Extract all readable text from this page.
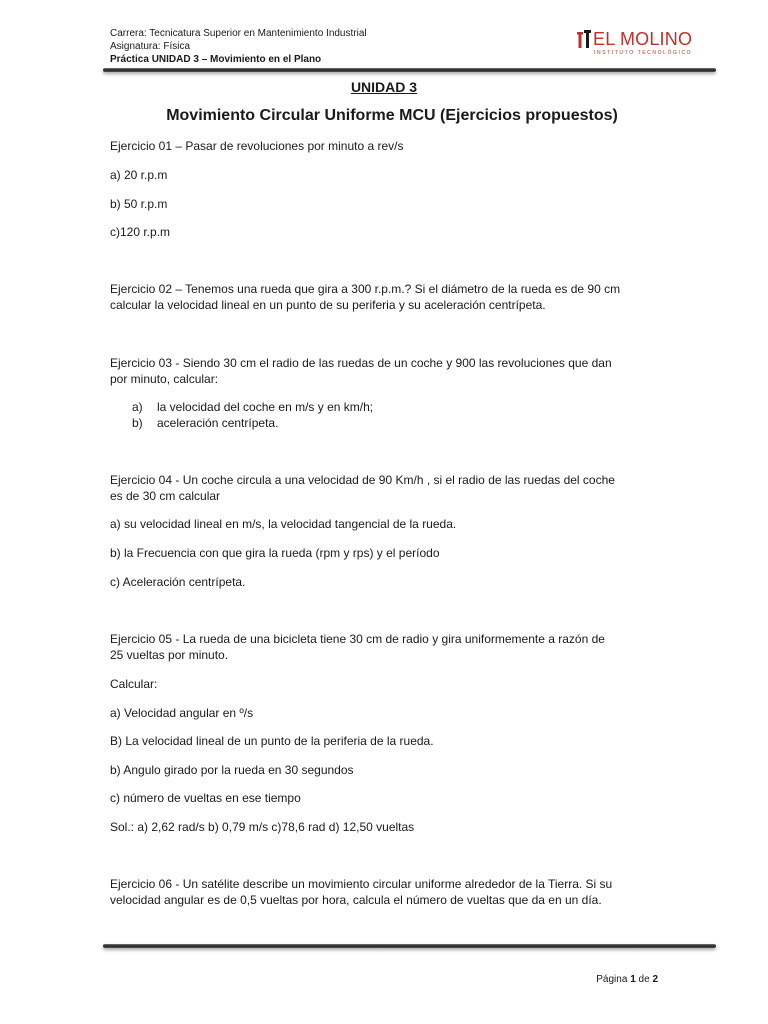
Carrera: Tecnicatura Superior en Mantenimiento Industrial
Asignatura: Física
Práctica UNIDAD 3 – Movimiento en el Plano
EL MOLINO
INSTITUTO TECNOLÓGICO
UNIDAD 3
Movimiento Circular Uniforme MCU (Ejercicios propuestos)
Ejercicio 01 – Pasar de revoluciones por minuto a rev/s
a) 20 r.p.m
b) 50 r.p.m
c)120 r.p.m
Ejercicio 02 – Tenemos una rueda que gira a 300 r.p.m.? Si el diámetro de la rueda es de 90 cm
calcular la velocidad lineal en un punto de su periferia y su aceleración centrípeta.
Ejercicio 03 - Siendo 30 cm el radio de las ruedas de un coche y 900 las revoluciones que dan
por minuto, calcular:
a) la velocidad del coche en m/s y en km/h;
b) aceleración centrípeta.
Ejercicio 04 - Un coche circula a una velocidad de 90 Km/h , si el radio de las ruedas del coche
es de 30 cm calcular
a) su velocidad lineal en m/s, la velocidad tangencial de la rueda.
b) la Frecuencia con que gira la rueda (rpm y rps) y el período
c) Aceleración centrípeta.
Ejercicio 05 - La rueda de una bicicleta tiene 30 cm de radio y gira uniformemente a razón de
25 vueltas por minuto.
Calcular:
a) Velocidad angular en º/s
B) La velocidad lineal de un punto de la periferia de la rueda.
b) Angulo girado por la rueda en 30 segundos
c) número de vueltas en ese tiempo
Sol.: a) 2,62 rad/s b) 0,79 m/s c)78,6 rad d) 12,50 vueltas
Ejercicio 06 - Un satélite describe un movimiento circular uniforme alrededor de la Tierra. Si su
velocidad angular es de 0,5 vueltas por hora, calcula el número de vueltas que da en un día.
Página 1 de 2
